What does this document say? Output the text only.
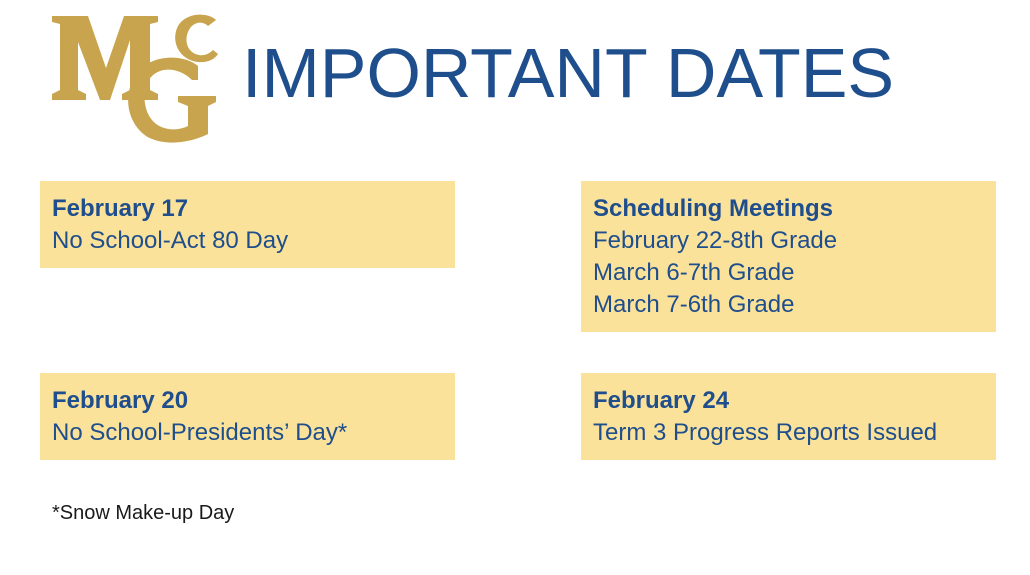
IMPORTANT DATES
February 17
No School-Act 80 Day
Scheduling Meetings
February 22-8th Grade
March 6-7th Grade
March 7-6th Grade
February 20
No School-Presidents’ Day*
February 24
Term 3 Progress Reports Issued
*Snow Make-up Day
